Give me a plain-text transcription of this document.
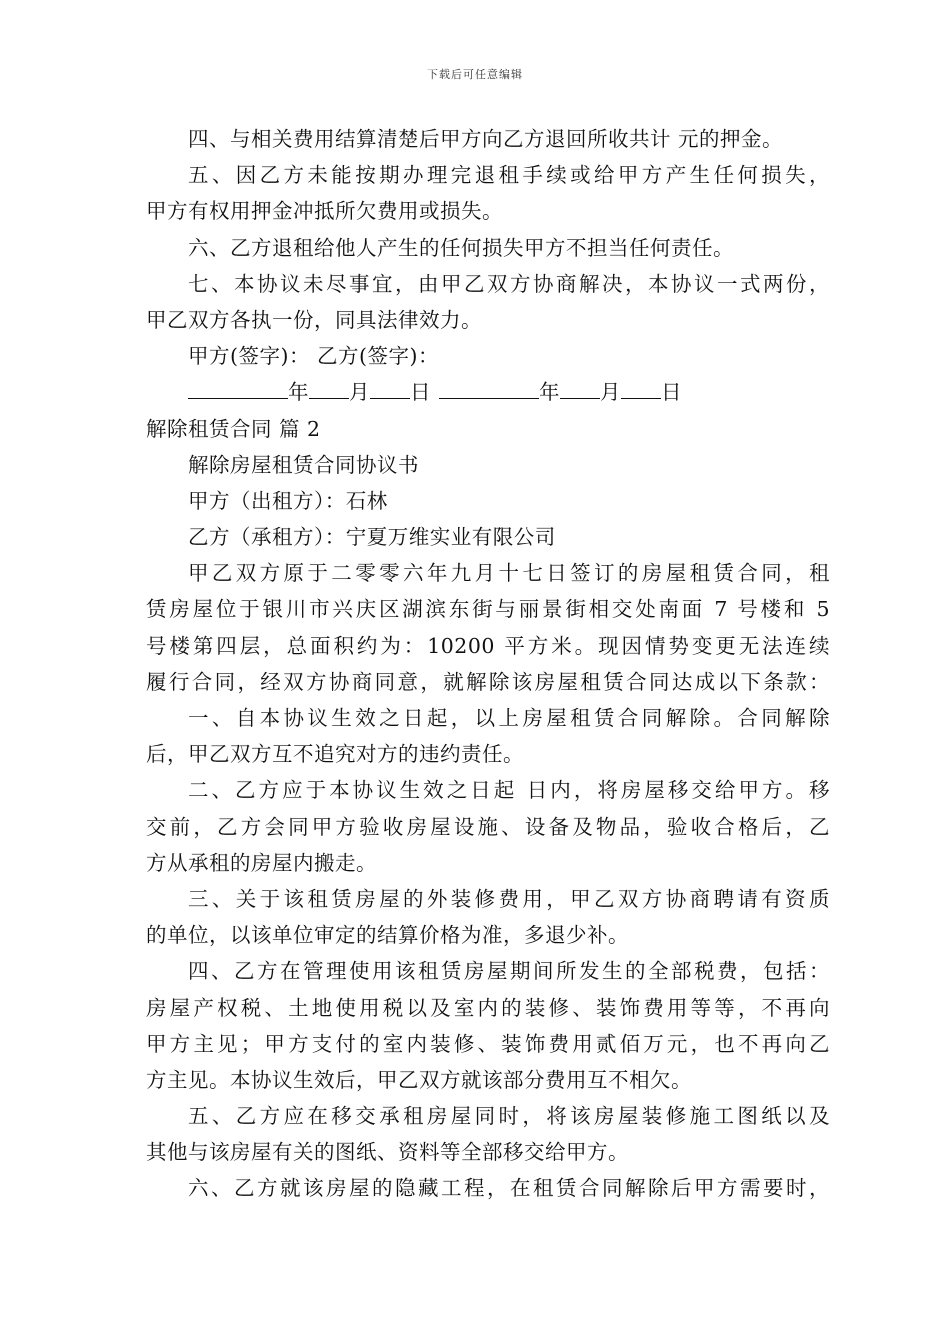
下载后可任意编辑
四、与相关费用结算清楚后甲方向乙方退回所收共计 元的押金。
五、因乙方未能按期办理完退租手续或给甲方产生任何损失，
甲方有权用押金冲抵所欠费用或损失。
六、乙方退租给他人产生的任何损失甲方不担当任何责任。
七、本协议未尽事宜，由甲乙双方协商解决，本协议一式两份，
甲乙双方各执一份，同具法律效力。
甲方(签字)： 乙方(签字)：
年 月 日	年 月 日
解除租赁合同 篇 2
解除房屋租赁合同协议书
甲方（出租方）：石林
乙方（承租方）：宁夏万维实业有限公司
甲乙双方原于二零零六年九月十七日签订的房屋租赁合同，租
赁房屋位于银川市兴庆区湖滨东街与丽景街相交处南面 7 号楼和 5
号楼第四层，总面积约为：10200 平方米。现因情势变更无法连续
履行合同，经双方协商同意，就解除该房屋租赁合同达成以下条款：
一、自本协议生效之日起，以上房屋租赁合同解除。合同解除
后，甲乙双方互不追究对方的违约责任。
二、乙方应于本协议生效之日起 日内，将房屋移交给甲方。移
交前，乙方会同甲方验收房屋设施、设备及物品，验收合格后，乙
方从承租的房屋内搬走。
三、关于该租赁房屋的外装修费用，甲乙双方协商聘请有资质
的单位，以该单位审定的结算价格为准，多退少补。
四、乙方在管理使用该租赁房屋期间所发生的全部税费，包括：
房屋产权税、土地使用税以及室内的装修、装饰费用等等，不再向
甲方主见；甲方支付的室内装修、装饰费用贰佰万元，也不再向乙
方主见。本协议生效后，甲乙双方就该部分费用互不相欠。
五、乙方应在移交承租房屋同时，将该房屋装修施工图纸以及
其他与该房屋有关的图纸、资料等全部移交给甲方。
六、乙方就该房屋的隐藏工程，在租赁合同解除后甲方需要时，
